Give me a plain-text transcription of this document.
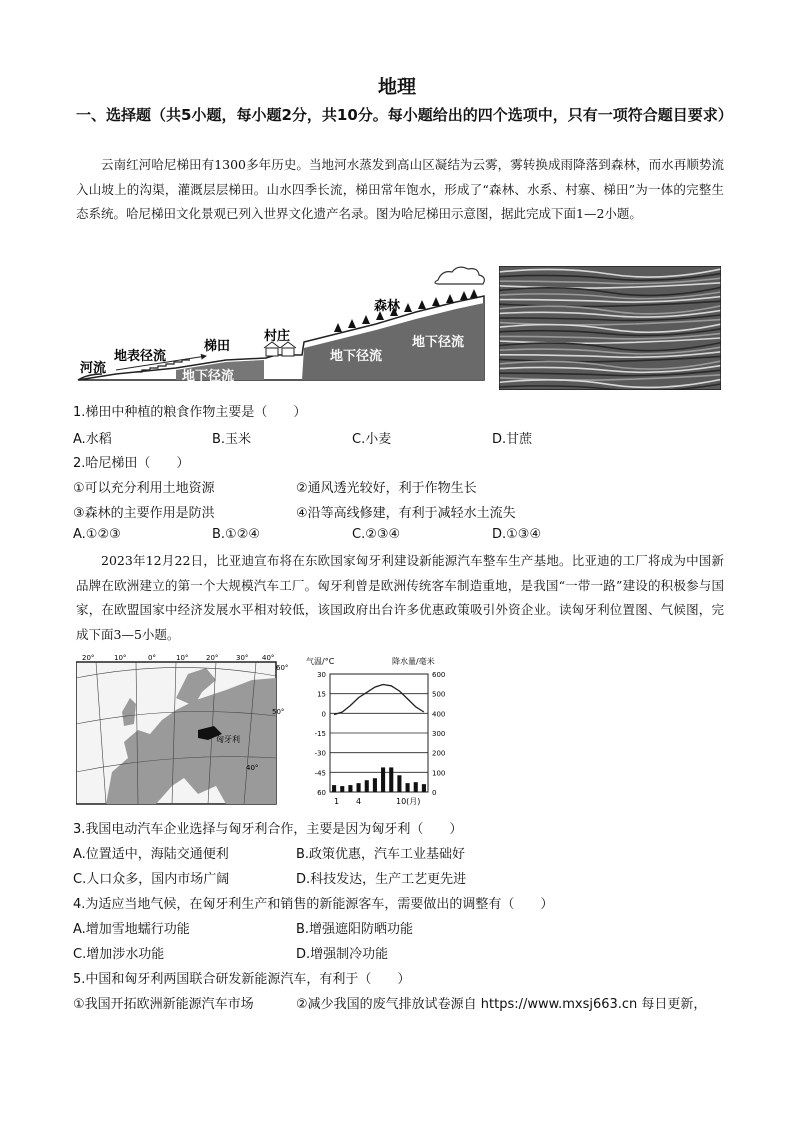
地理
一、选择题（共5小题，每小题2分，共10分。每小题给出的四个选项中，只有一项符合题目要求）
云南红河哈尼梯田有1300多年历史。当地河水蒸发到高山区凝结为云雾，雾转换成雨降落到森林，而水再顺势流入山坡上的沟渠，灌溉层层梯田。山水四季长流，梯田常年饱水，形成了“森林、水系、村寨、梯田”为一体的完整生态系统。哈尼梯田文化景观已列入世界文化遗产名录。图为哈尼梯田示意图，据此完成下面1—2小题。
河流
地表径流
梯田
村庄
森林
地下径流
地下径流
地下径流
1.梯田中种植的粮食作物主要是（　　）
A.水稻	B.玉米	C.小麦	D.甘蔗
2.哈尼梯田（　　）
①可以充分利用土地资源	②通风透光较好，利于作物生长
③森林的主要作用是防洪	④沿等高线修建，有利于减轻水土流失
A.①②③	B.①②④	C.②③④	D.①③④
2023年12月22日，比亚迪宣布将在东欧国家匈牙利建设新能源汽车整车生产基地。比亚迪的工厂将成为中国新品牌在欧洲建立的第一个大规模汽车工厂。匈牙利曾是欧洲传统客车制造重地，是我国“一带一路”建设的积极参与国家，在欧盟国家中经济发展水平相对较低，该国政府出台许多优惠政策吸引外资企业。读匈牙利位置图、气候图，完成下面3—5小题。
匈牙利
20°	10°	0°	10°	20°	30° 40°
60°
50°
40°
气温/°C	降水量/毫米
30
15
0
-15
-30
-45
60
600
500
400
300
200
100
0
1 4	10(月)
3.我国电动汽车企业选择与匈牙利合作，主要是因为匈牙利（　　）
A.位置适中，海陆交通便利	B.政策优惠，汽车工业基础好
C.人口众多，国内市场广阔	D.科技发达，生产工艺更先进
4.为适应当地气候，在匈牙利生产和销售的新能源客车，需要做出的调整有（　　）
A.增加雪地蠕行功能	B.增强遮阳防晒功能
C.增加涉水功能	D.增强制冷功能
5.中国和匈牙利两国联合研发新能源汽车，有利于（　　）
①我国开拓欧洲新能源汽车市场	②减少我国的废气排放试卷源自 https://www.mxsj663.cn 每日更新，
